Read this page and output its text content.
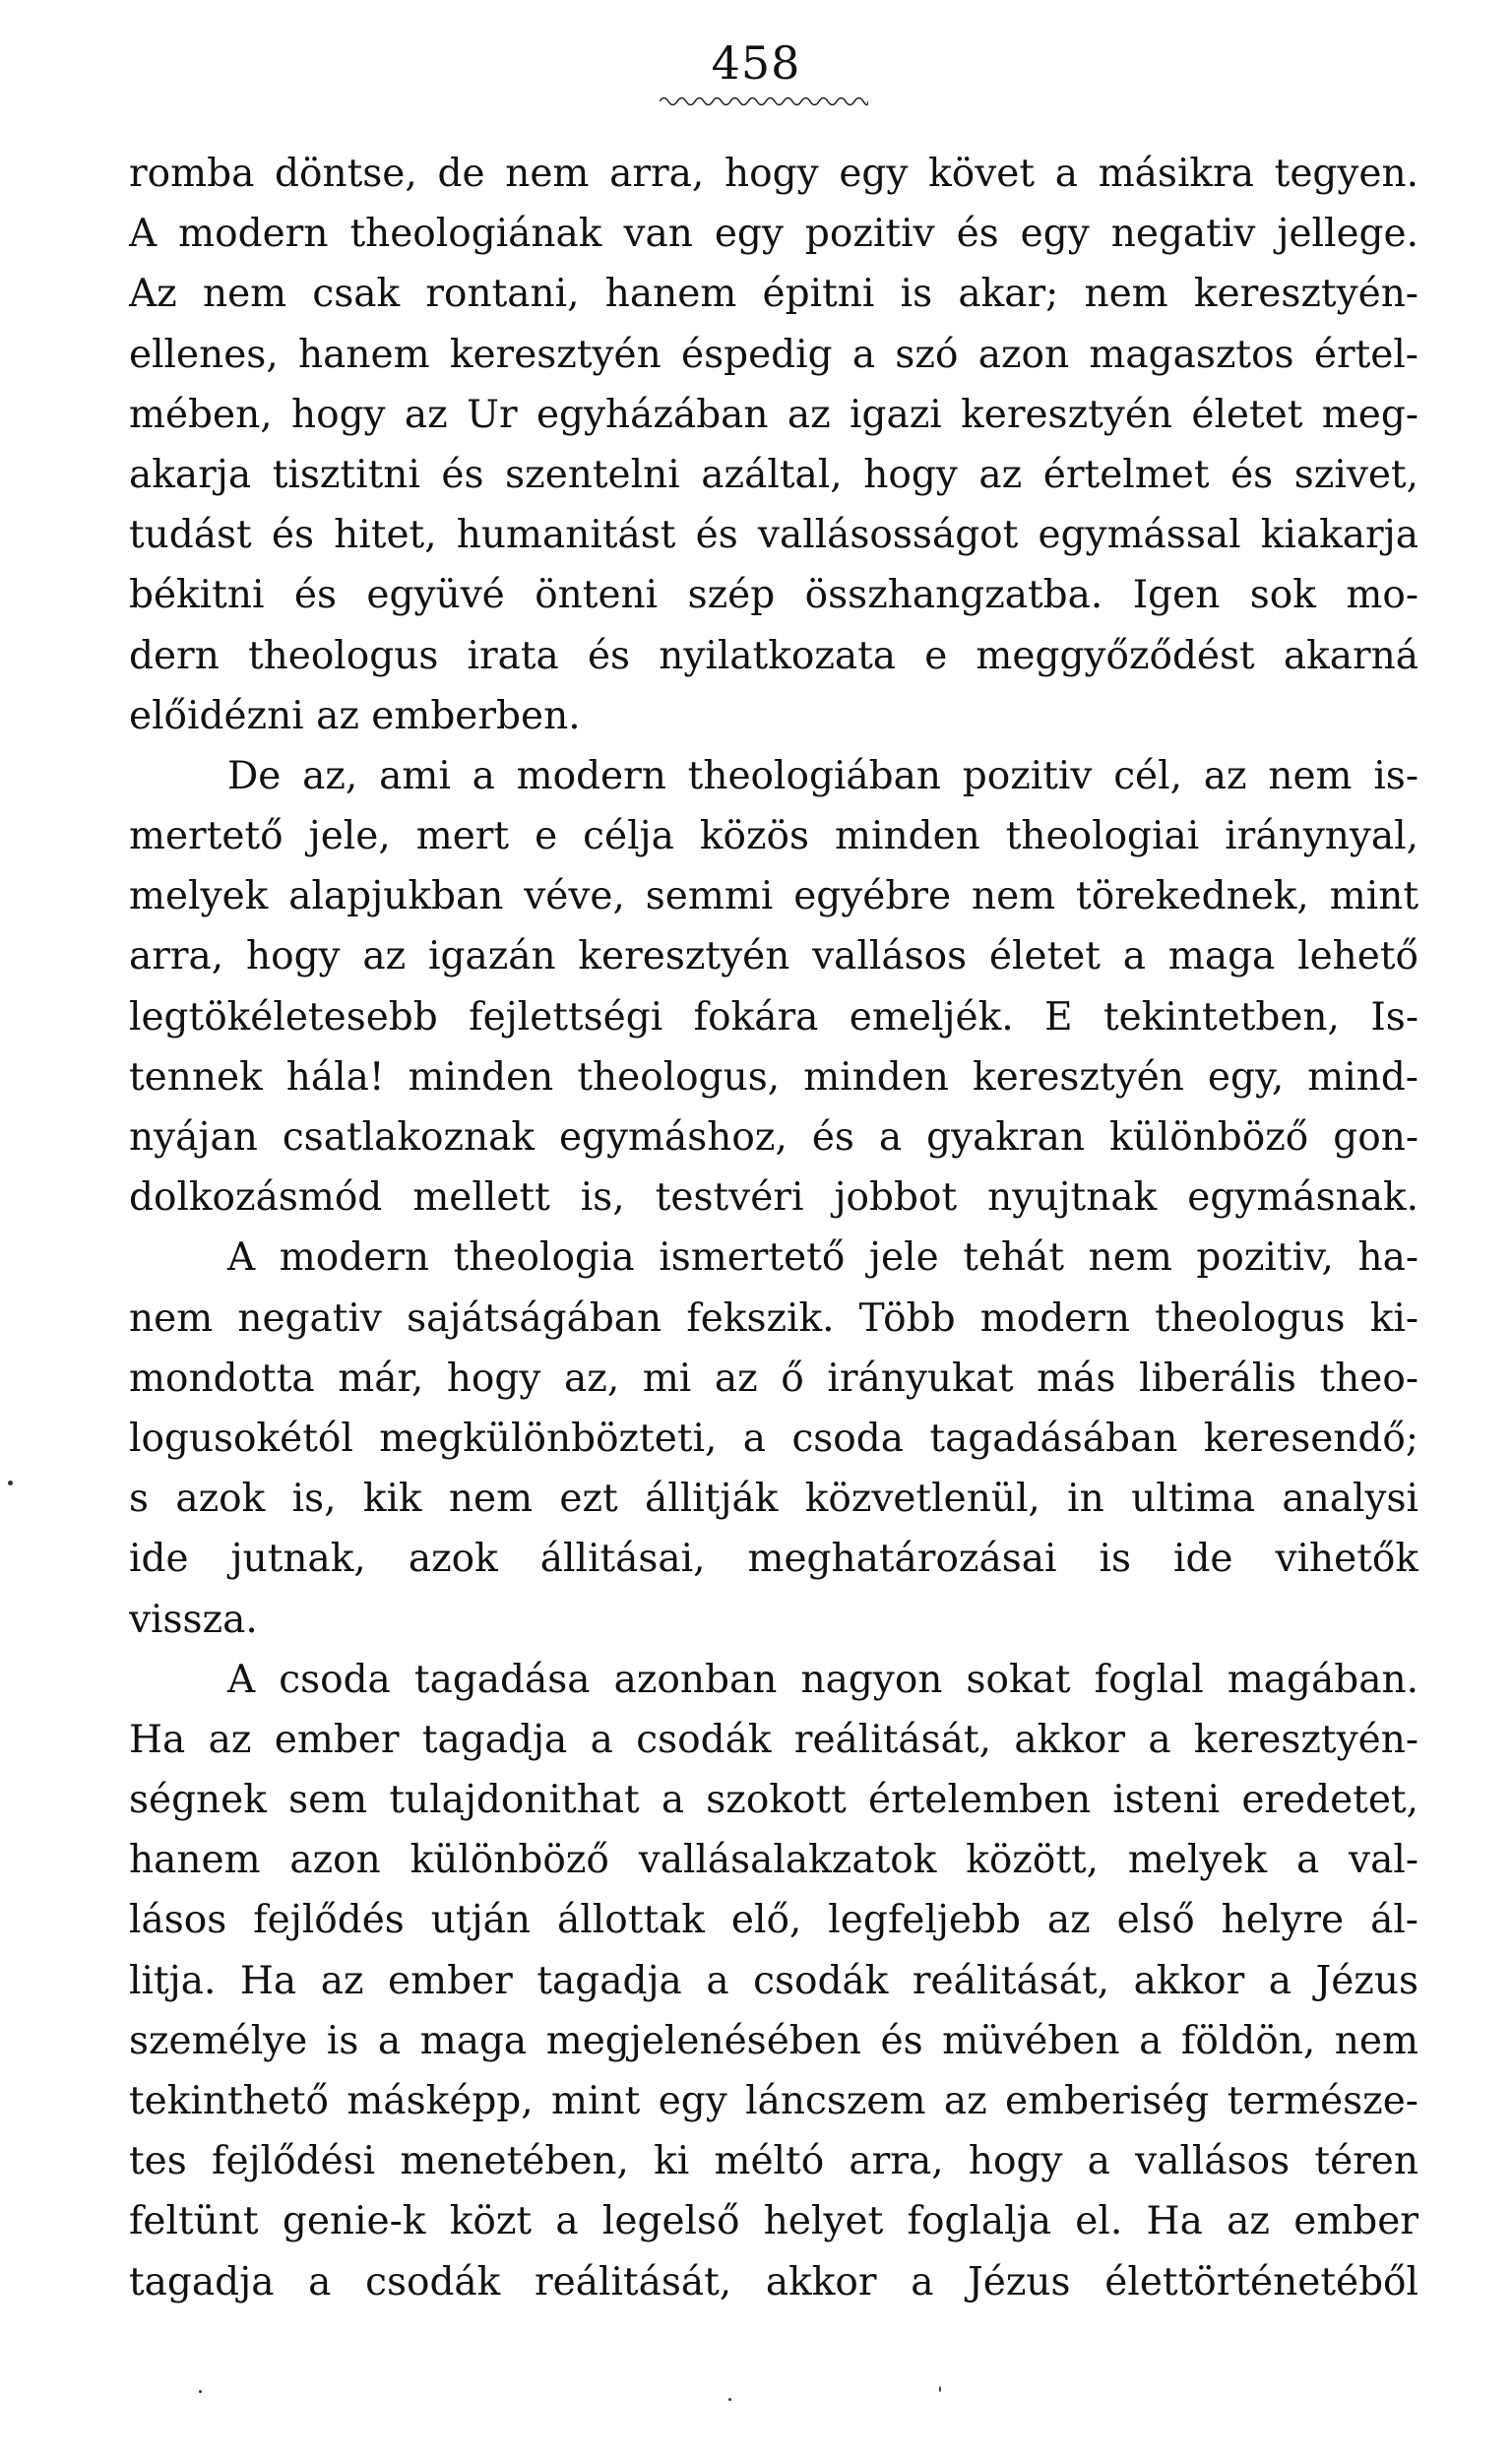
458
romba döntse, de nem arra, hogy egy követ a másikra tegyen.
A modern theologiának van egy pozitiv és egy negativ jellege.
Az nem csak rontani, hanem épitni is akar; nem keresztyén-
ellenes, hanem keresztyén éspedig a szó azon magasztos értel-
mében, hogy az Ur egyházában az igazi keresztyén életet meg-
akarja tisztitni és szentelni azáltal, hogy az értelmet és szivet,
tudást és hitet, humanitást és vallásosságot egymással kiakarja
békitni és együvé önteni szép összhangzatba. Igen sok mo-
dern theologus irata és nyilatkozata e meggyőződést akarná
előidézni az emberben.
De az, ami a modern theologiában pozitiv cél, az nem is-
mertető jele, mert e célja közös minden theologiai iránynyal,
melyek alapjukban véve, semmi egyébre nem törekednek, mint
arra, hogy az igazán keresztyén vallásos életet a maga lehető
legtökéletesebb fejlettségi fokára emeljék. E tekintetben, Is-
tennek hála! minden theologus, minden keresztyén egy, mind-
nyájan csatlakoznak egymáshoz, és a gyakran különböző gon-
dolkozásmód mellett is, testvéri jobbot nyujtnak egymásnak.
A modern theologia ismertető jele tehát nem pozitiv, ha-
nem negativ sajátságában fekszik. Több modern theologus ki-
mondotta már, hogy az, mi az ő irányukat más liberális theo-
logusokétól megkülönbözteti, a csoda tagadásában keresendő;
s azok is, kik nem ezt állitják közvetlenül, in ultima analysi
ide jutnak, azok állitásai, meghatározásai is ide vihetők
vissza.
A csoda tagadása azonban nagyon sokat foglal magában.
Ha az ember tagadja a csodák reálitását, akkor a keresztyén-
ségnek sem tulajdonithat a szokott értelemben isteni eredetet,
hanem azon különböző vallásalakzatok között, melyek a val-
lásos fejlődés utján állottak elő, legfeljebb az első helyre ál-
litja. Ha az ember tagadja a csodák reálitását, akkor a Jézus
személye is a maga megjelenésében és müvében a földön, nem
tekinthető másképp, mint egy láncszem az emberiség természe-
tes fejlődési menetében, ki méltó arra, hogy a vallásos téren
feltünt genie-k közt a legelső helyet foglalja el. Ha az ember
tagadja a csodák reálitását, akkor a Jézus élettörténetéből
